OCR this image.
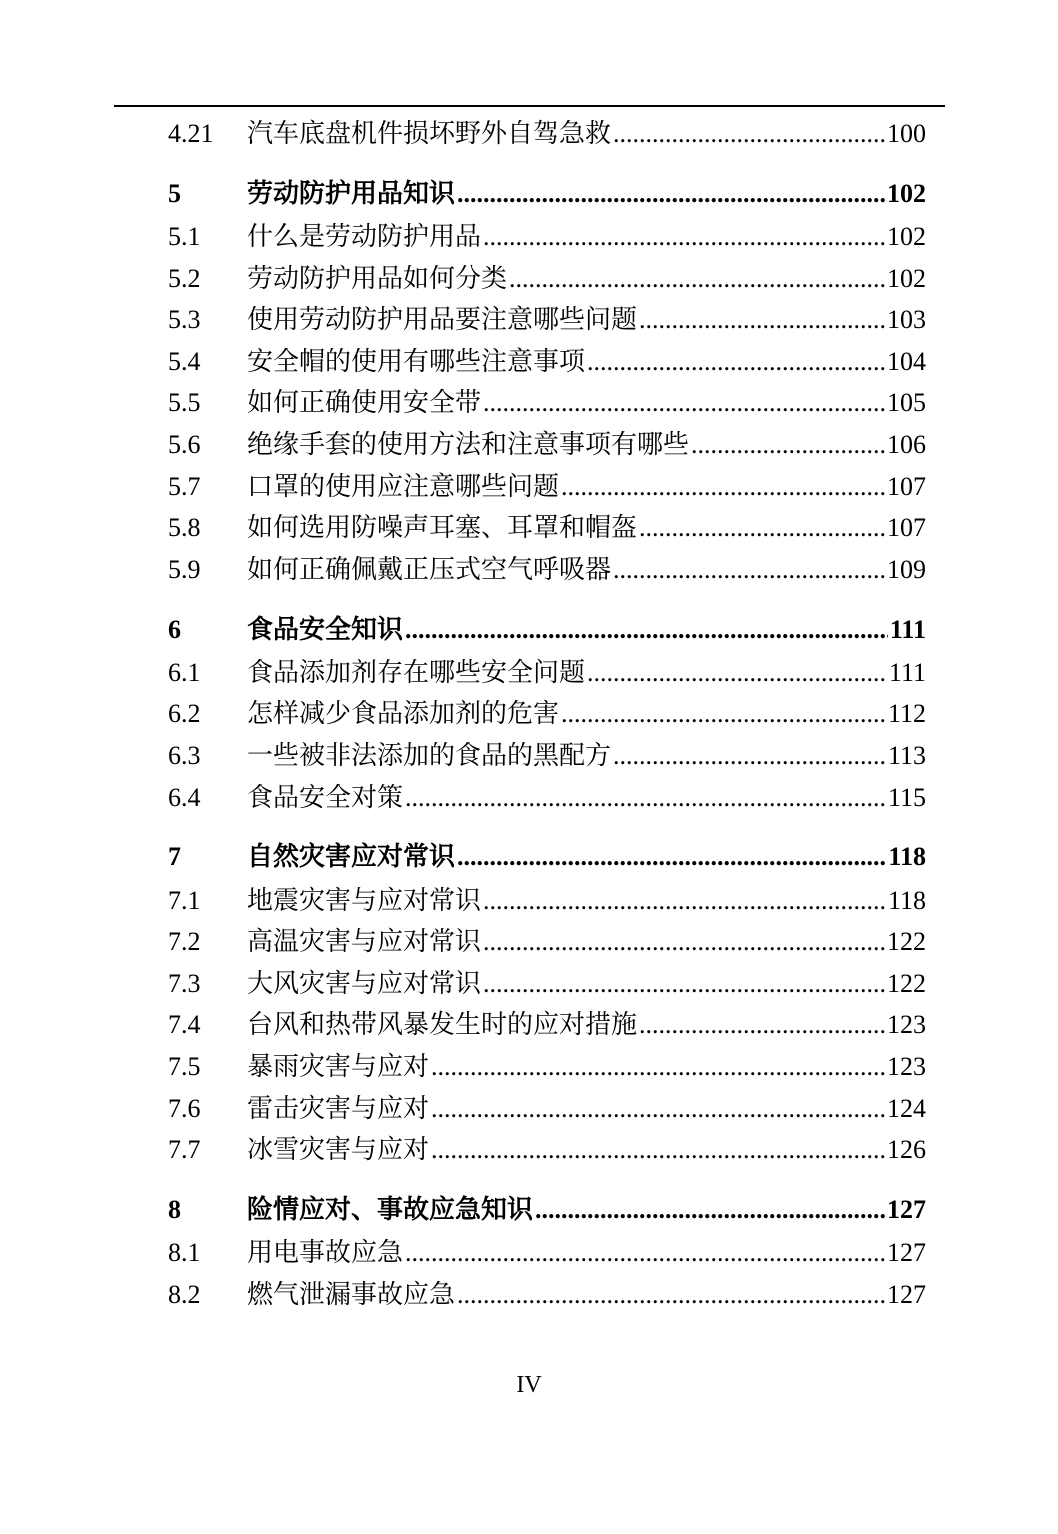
4.21	汽车底盘机件损坏野外自驾急救 .....	100
5	劳动防护用品知识 .....	102
5.1	什么是劳动防护用品 .....	102
5.2	劳动防护用品如何分类 .....	102
5.3	使用劳动防护用品要注意哪些问题 .....	103
5.4	安全帽的使用有哪些注意事项 .....	104
5.5	如何正确使用安全带 .....	105
5.6	绝缘手套的使用方法和注意事项有哪些 .....	106
5.7	口罩的使用应注意哪些问题 .....	107
5.8	如何选用防噪声耳塞、耳罩和帽盔 .....	107
5.9	如何正确佩戴正压式空气呼吸器 .....	109
6	食品安全知识 .....	111
6.1	食品添加剂存在哪些安全问题 .....	111
6.2	怎样减少食品添加剂的危害 .....	112
6.3	一些被非法添加的食品的黑配方 .....	113
6.4	食品安全对策 .....	115
7	自然灾害应对常识 .....	118
7.1	地震灾害与应对常识 .....	118
7.2	高温灾害与应对常识 .....	122
7.3	大风灾害与应对常识 .....	122
7.4	台风和热带风暴发生时的应对措施 .....	123
7.5	暴雨灾害与应对 .....	123
7.6	雷击灾害与应对 .....	124
7.7	冰雪灾害与应对 .....	126
8	险情应对、事故应急知识 .....	127
8.1	用电事故应急 .....	127
8.2	燃气泄漏事故应急 .....	127
IV
